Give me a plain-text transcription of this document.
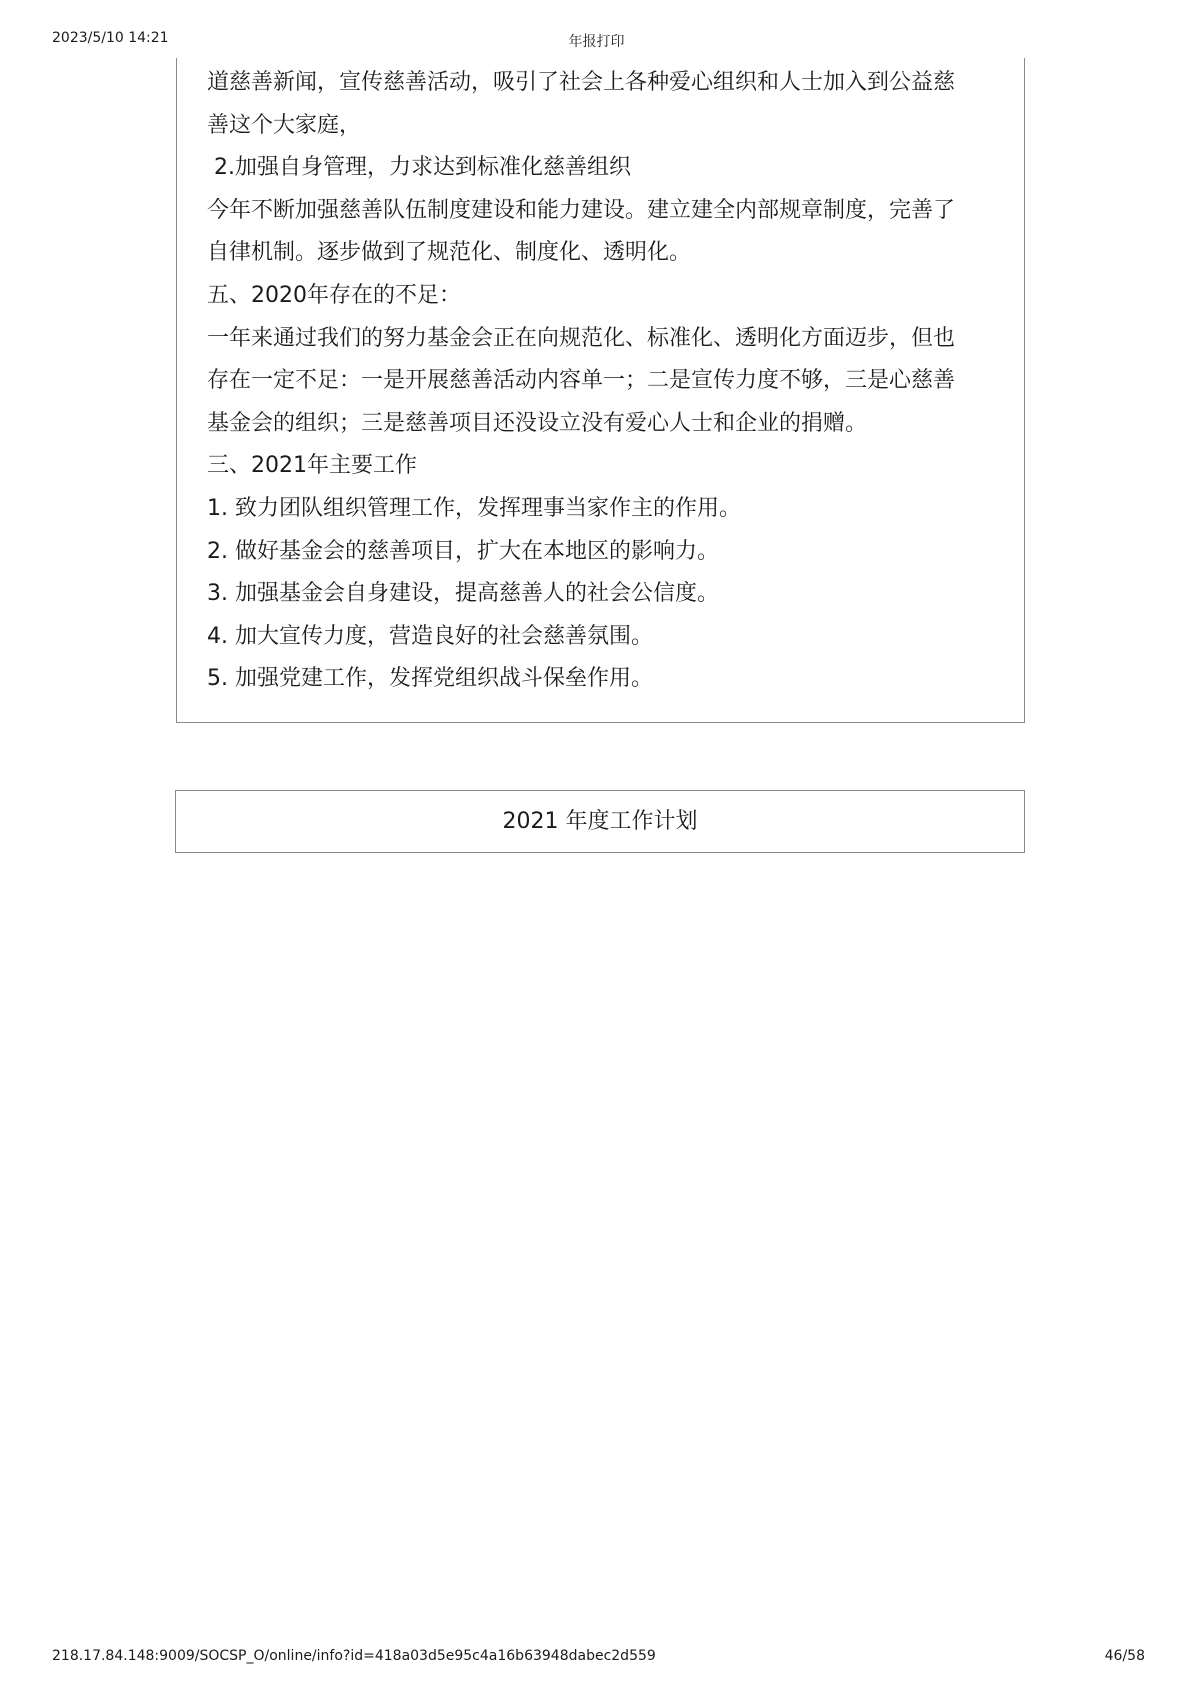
2023/5/10 14:21	年报打印
道慈善新闻，宣传慈善活动，吸引了社会上各种爱心组织和人士加入到公益慈
善这个大家庭，
2.加强自身管理，力求达到标准化慈善组织
今年不断加强慈善队伍制度建设和能力建设。建立建全内部规章制度，完善了
自律机制。逐步做到了规范化、制度化、透明化。
五、2020年存在的不足：
一年来通过我们的努力基金会正在向规范化、标准化、透明化方面迈步，但也
存在一定不足：一是开展慈善活动内容单一；二是宣传力度不够，三是心慈善
基金会的组织；三是慈善项目还没设立没有爱心人士和企业的捐赠。
三、2021年主要工作
1. 致力团队组织管理工作，发挥理事当家作主的作用。
2. 做好基金会的慈善项目，扩大在本地区的影响力。
3. 加强基金会自身建设，提高慈善人的社会公信度。
4. 加大宣传力度，营造良好的社会慈善氛围。
5. 加强党建工作，发挥党组织战斗保垒作用。
2021 年度工作计划
218.17.84.148:9009/SOCSP_O/online/info?id=418a03d5e95c4a16b63948dabec2d559	46/58
